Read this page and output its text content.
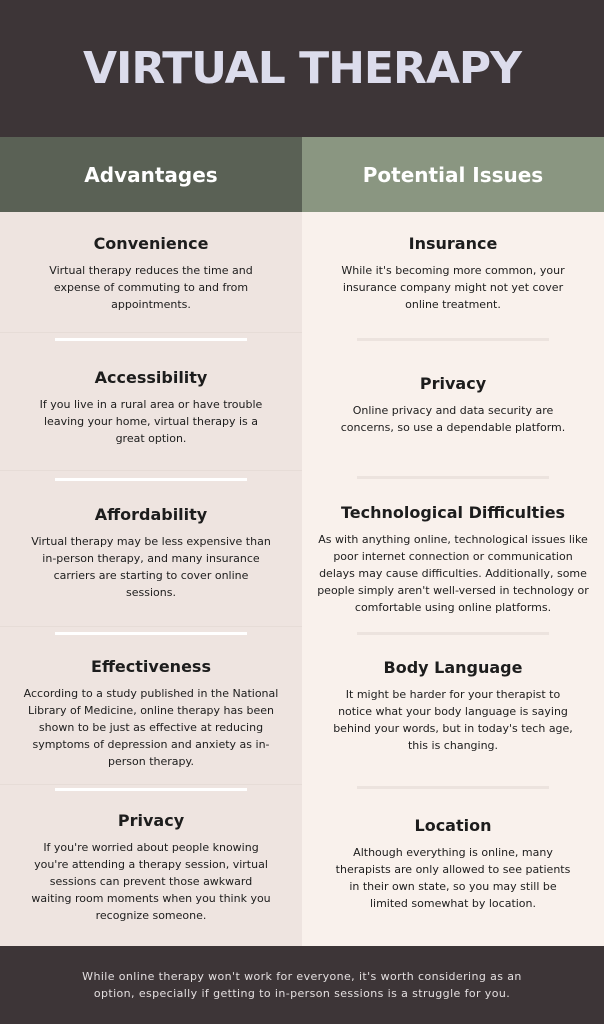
VIRTUAL THERAPY
Advantages	Potential Issues
Convenience
Virtual therapy reduces the time and expense of commuting to and from appointments.
Accessibility
If you live in a rural area or have trouble leaving your home, virtual therapy is a great option.
Affordability
Virtual therapy may be less expensive than in-person therapy, and many insurance carriers are starting to cover online sessions.
Effectiveness
According to a study published in the National Library of Medicine, online therapy has been shown to be just as effective at reducing symptoms of depression and anxiety as in-person therapy.
Privacy
If you're worried about people knowing you're attending a therapy session, virtual sessions can prevent those awkward waiting room moments when you think you recognize someone.
Insurance
While it's becoming more common, your insurance company might not yet cover online treatment.
Privacy
Online privacy and data security are concerns, so use a dependable platform.
Technological Difficulties
As with anything online, technological issues like poor internet connection or communication delays may cause difficulties. Additionally, some people simply aren't well-versed in technology or comfortable using online platforms.
Body Language
It might be harder for your therapist to notice what your body language is saying behind your words, but in today's tech age, this is changing.
Location
Although everything is online, many therapists are only allowed to see patients in their own state, so you may still be limited somewhat by location.

While online therapy won't work for everyone, it's worth considering as an option, especially if getting to in-person sessions is a struggle for you.
